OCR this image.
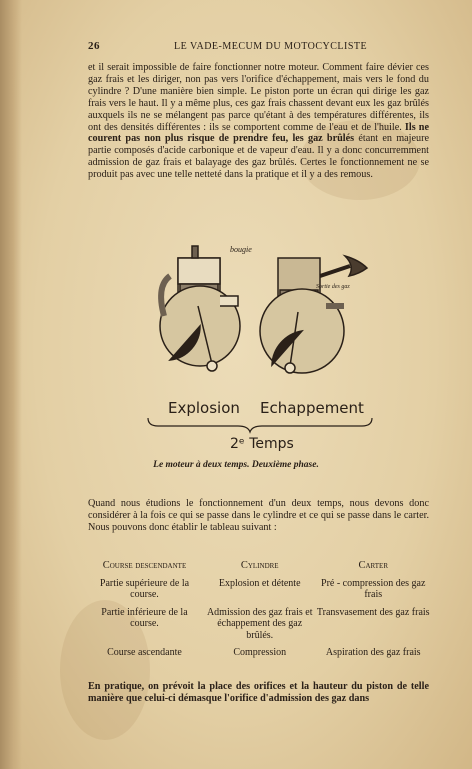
26	LE VADE-MECUM DU MOTOCYCLISTE
et il serait impossible de faire fonctionner notre moteur. Comment faire dévier ces gaz frais et les diriger, non pas vers l'orifice d'échappement, mais vers le fond du cylindre ? D'une manière bien simple. Le piston porte un écran qui dirige les gaz frais vers le haut. Il y a même plus, ces gaz frais chassent devant eux les gaz brûlés auxquels ils ne se mélangent pas parce qu'étant à des températures différentes, ils ont des densités différentes : ils se comportent comme de l'eau et de l'huile. Ils ne courent pas non plus risque de prendre feu, les gaz brûlés étant en majeure partie composés d'acide carbonique et de vapeur d'eau. Il y a donc concurremment admission de gaz frais et balayage des gaz brûlés. Certes le fonctionnement ne se produit pas avec une telle netteté dans la pratique et il y a des remous.
bougie
Sortie des gaz
Explosion Echappement
2ᵉ Temps
Le moteur à deux temps. Deuxième phase.
Quand nous étudions le fonctionnement d'un deux temps, nous devons donc considérer à la fois ce qui se passe dans le cylindre et ce qui se passe dans le carter. Nous pouvons donc établir le tableau suivant :
Course descendante	Cylindre	Carter
Partie supérieure de la course.	Explosion et détente	Pré - compression des gaz frais
Partie inférieure de la course.	Admission des gaz frais et échappement des gaz brûlés.	Transvasement des gaz frais
Course ascendante	Compression	Aspiration des gaz frais
En pratique, on prévoit la place des orifices et la hauteur du piston de telle manière que celui-ci démasque l'orifice d'admission des gaz dans
